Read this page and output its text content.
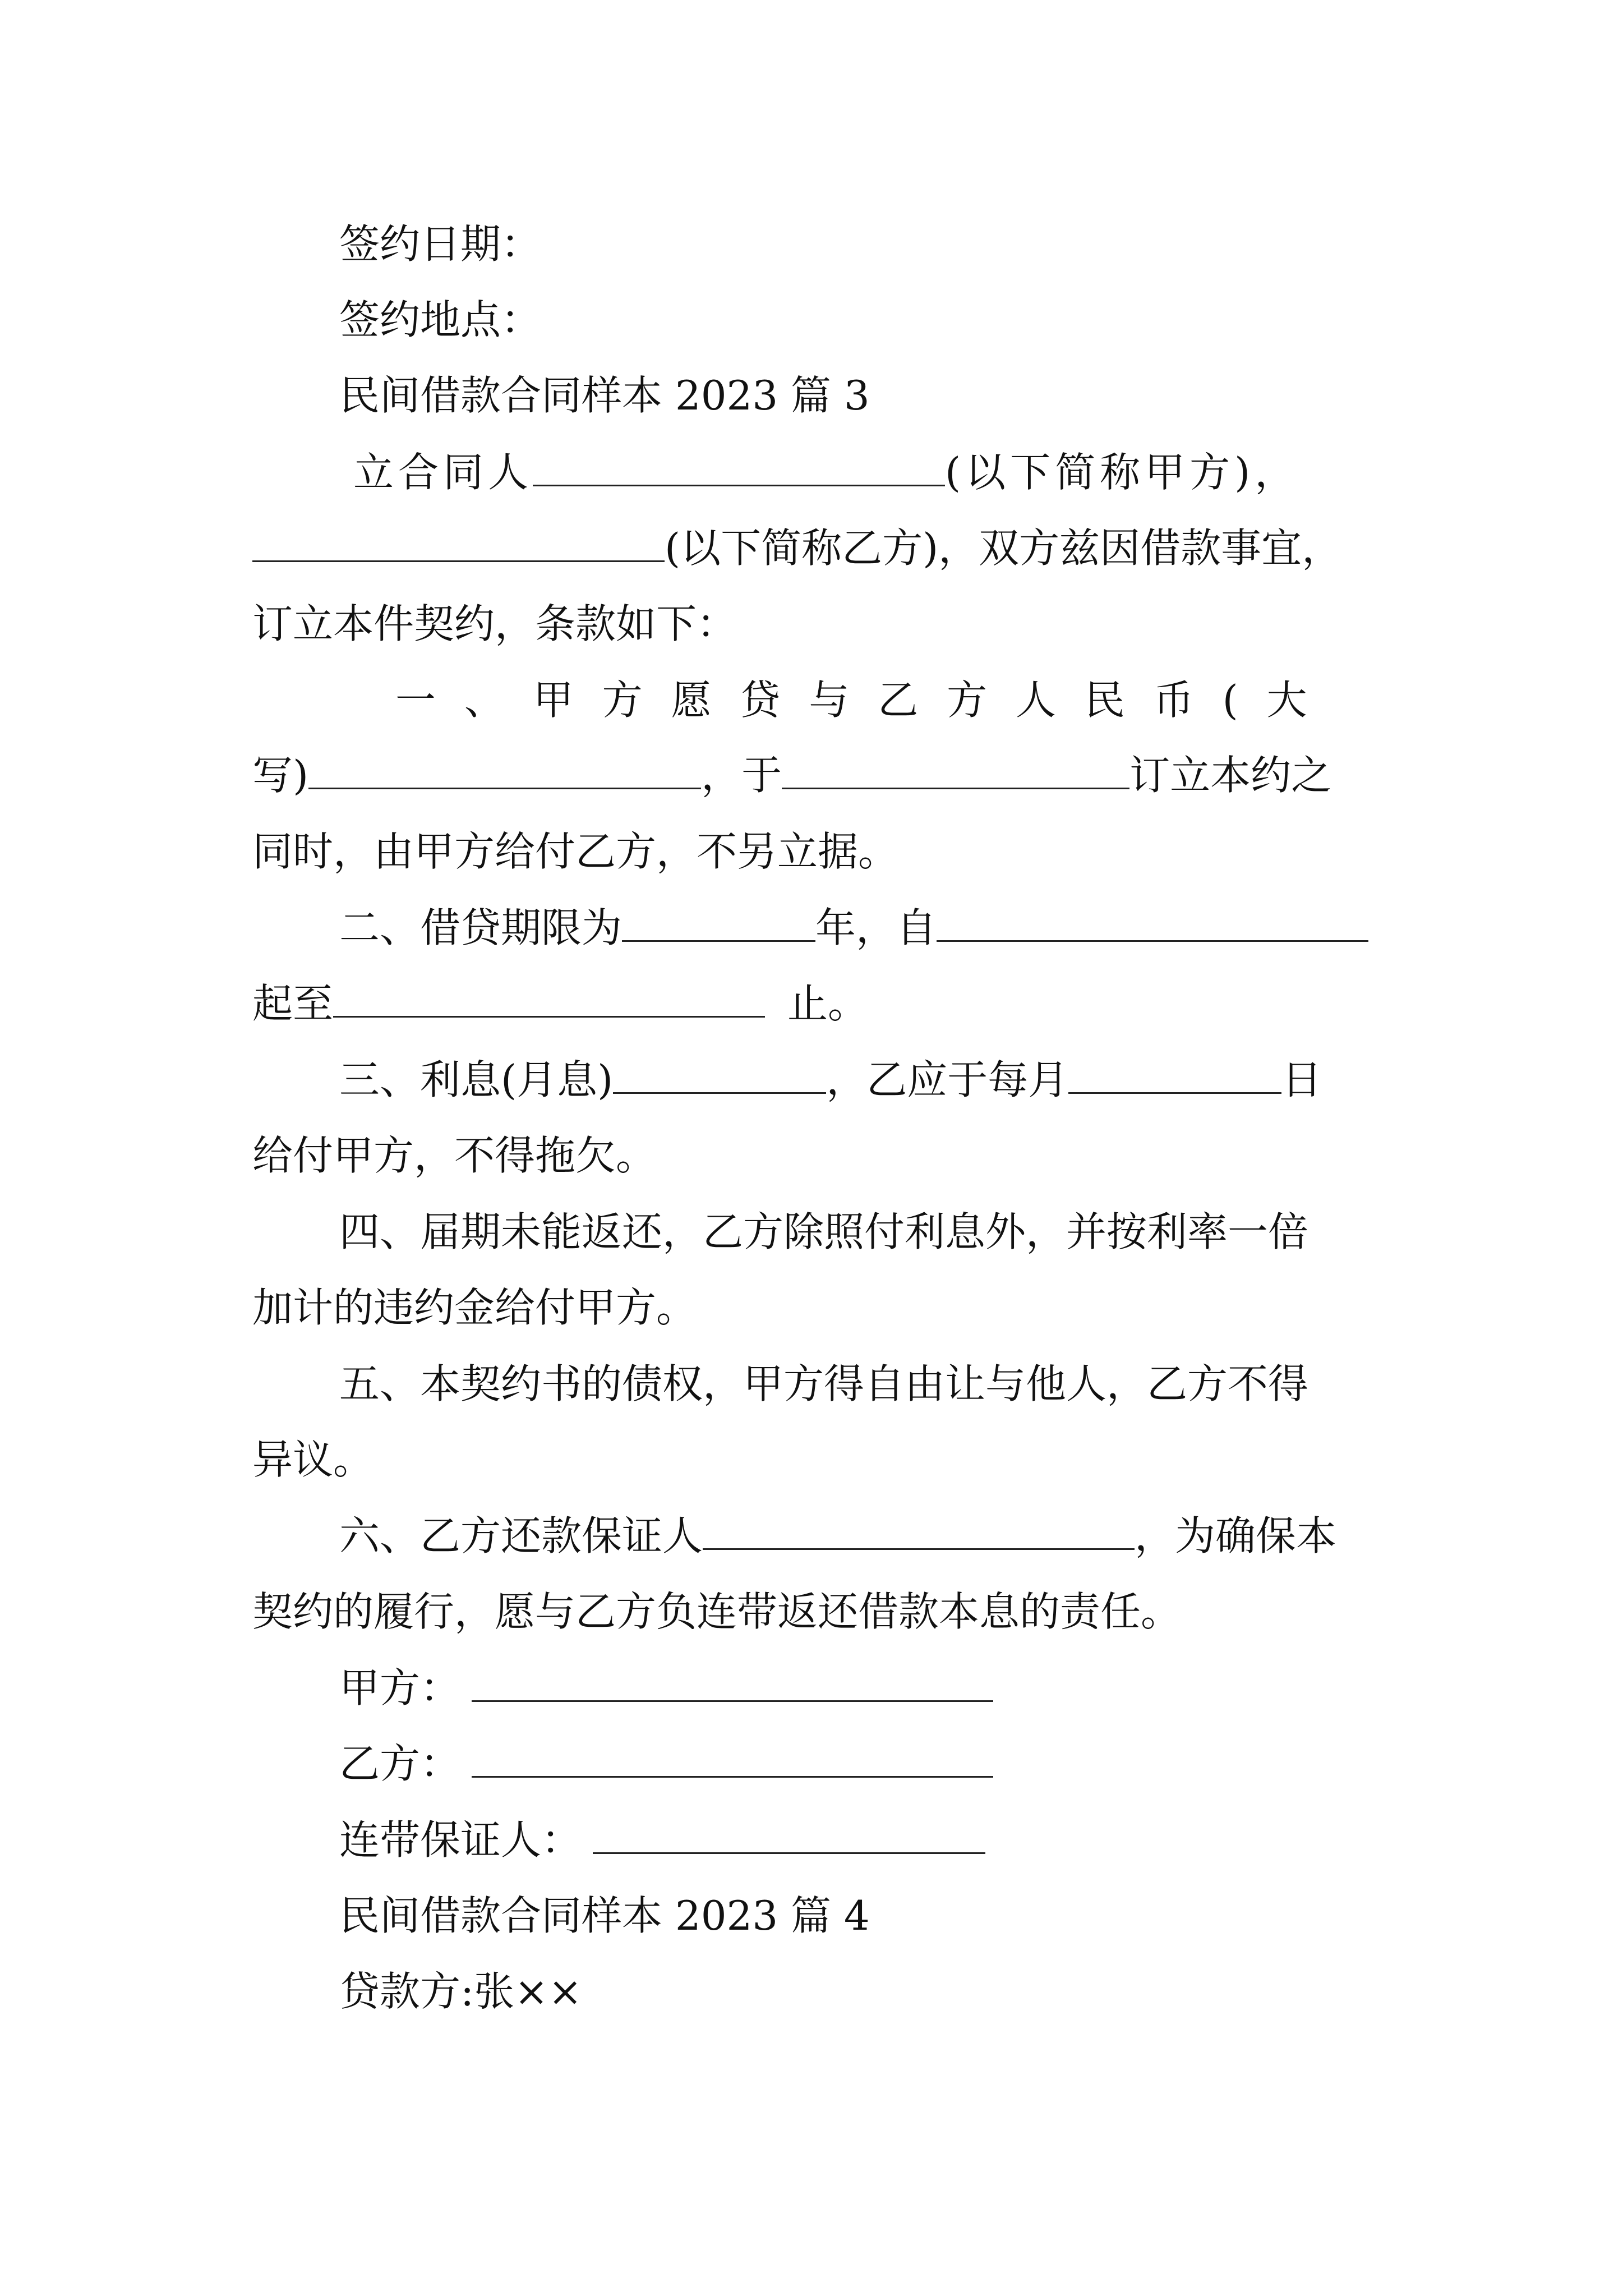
签约日期：
签约地点：
民间借款合同样本 2023 篇 3
立合同人	(以下简称甲方)，
(以下简称乙方)，双方兹因借款事宜，
订立本件契约，条款如下：
一 、 甲 方 愿 贷 与 乙 方 人 民 币 ( 大
写)	，于	订立本约之
同时，由甲方给付乙方，不另立据。
二、借贷期限为	年，自
起至	止。
三、利息(月息)	，乙应于每月	日
给付甲方，不得拖欠。
四、届期未能返还，乙方除照付利息外，并按利率一倍
加计的违约金给付甲方。
五、本契约书的债权，甲方得自由让与他人，乙方不得
异议。
六、乙方还款保证人	，为确保本
契约的履行，愿与乙方负连带返还借款本息的责任。
甲方：
乙方：
连带保证人：
民间借款合同样本 2023 篇 4
贷款方:张××
